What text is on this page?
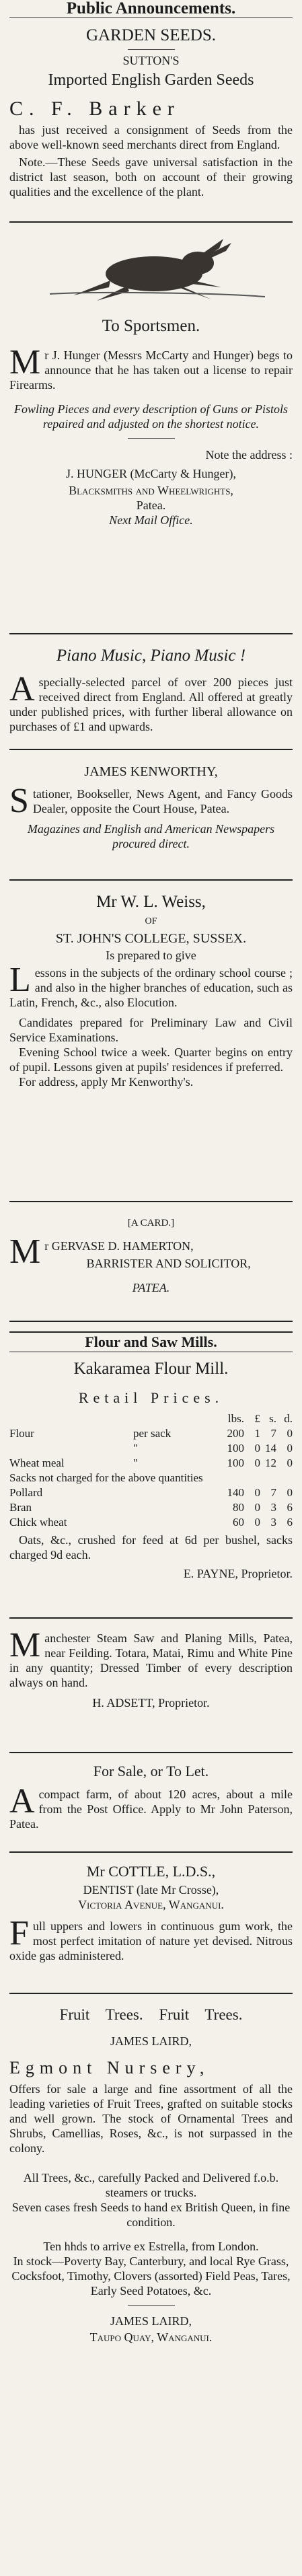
Public Announcements.
GARDEN SEEDS.
SUTTON'S
Imported English Garden Seeds
C. F. Barker

has just received a consignment of Seeds from the above well-known seed merchants direct from England.

Note.—These Seeds gave universal satisfaction in the district last season, both on account of their growing qualities and the excellence of the plant.

To Sportsmen.

Mr J. Hunger (Messrs McCarty and Hunger) begs to announce that he has taken out a license to repair Firearms.

Fowling Pieces and every description of Guns or Pistols repaired and adjusted on the shortest notice.

Note the address :
J. HUNGER (McCarty & Hunger),
Blacksmiths and Wheelwrights,
Patea.
Next Mail Office.
Piano Music, Piano Music !

A specially-selected parcel of over 200 pieces just received direct from England. All offered at greatly under published prices, with further liberal allowance on purchases of £1 and upwards.

JAMES KENWORTHY,

Stationer, Bookseller, News Agent, and Fancy Goods Dealer, opposite the Court House, Patea.

Magazines and English and American Newspapers procured direct.

Mr W. L. Weiss,
OF
ST. JOHN'S COLLEGE, SUSSEX.
Is prepared to give

Lessons in the subjects of the ordinary school course ; and also in the higher branches of education, such as Latin, French, &c., also Elocution.

Candidates prepared for Preliminary Law and Civil Service Examinations.

Evening School twice a week. Quarter begins on entry of pupil. Lessons given at pupils' residences if preferred.

For address, apply Mr Kenworthy's.

[A CARD.]
Mr GERVASE D. HAMERTON,
BARRISTER AND SOLICITOR,
PATEA.
Flour and Saw Mills.
Kakaramea Flour Mill.
Retail Prices.
		lbs.	£	s.	d.
Flour	per sack	200	1	7	0
	"	100	0	14	0
Wheat meal	"	100	0	12	0
Sacks not charged for the above quantities					
Pollard		140	0	7	0
Bran		80	0	3	6
Chick wheat		60	0	3	6

Oats, &c., crushed for feed at 6d per bushel, sacks charged 9d each.

E. PAYNE, Proprietor.

Manchester Steam Saw and Planing Mills, Patea, near Feilding. Totara, Matai, Rimu and White Pine in any quantity; Dressed Timber of every description always on hand.

H. ADSETT, Proprietor.
For Sale, or To Let.

A compact farm, of about 120 acres, about a mile from the Post Office. Apply to Mr John Paterson, Patea.

Mr COTTLE, L.D.S.,
DENTIST (late Mr Crosse),
Victoria Avenue, Wanganui.

Full uppers and lowers in continuous gum work, the most perfect imitation of nature yet devised. Nitrous oxide gas administered.

Fruit Trees. Fruit Trees.
JAMES LAIRD,
Egmont Nursery,

Offers for sale a large and fine assortment of all the leading varieties of Fruit Trees, grafted on suitable stocks and well grown. The stock of Ornamental Trees and Shrubs, Camellias, Roses, &c., is not surpassed in the colony.

All Trees, &c., carefully Packed and Delivered f.o.b. steamers or trucks.

Seven cases fresh Seeds to hand ex British Queen, in fine condition.

Ten hhds to arrive ex Estrella, from London.

In stock—Poverty Bay, Canterbury, and local Rye Grass, Cocksfoot, Timothy, Clovers (assorted) Field Peas, Tares, Early Seed Potatoes, &c.

JAMES LAIRD,
Taupo Quay, Wanganui.
